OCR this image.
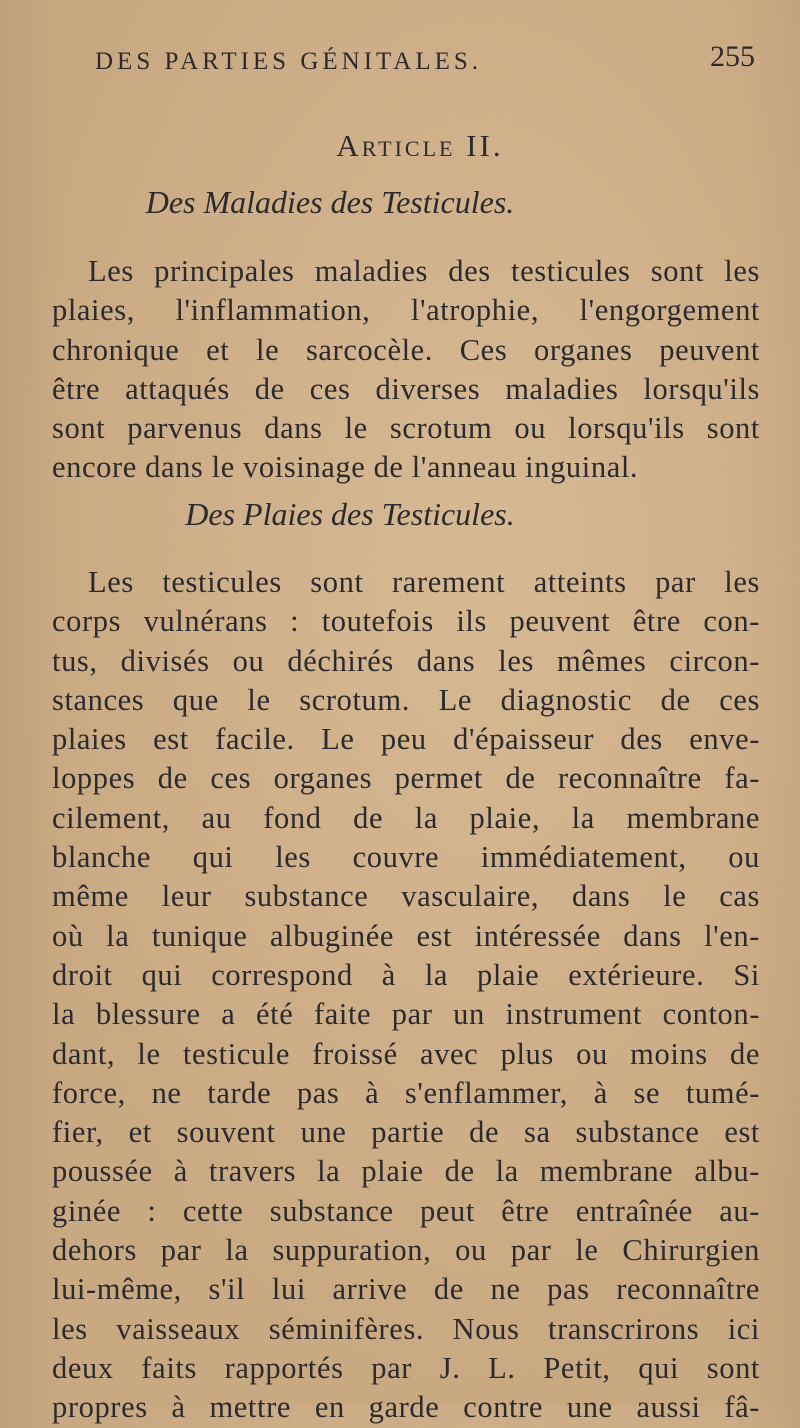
DES PARTIES GÉNITALES.	255
Article II.
Des Maladies des Testicules.
Les principales maladies des testicules sont les
plaies, l'inflammation, l'atrophie, l'engorgement
chronique et le sarcocèle. Ces organes peuvent
être attaqués de ces diverses maladies lorsqu'ils
sont parvenus dans le scrotum ou lorsqu'ils sont
encore dans le voisinage de l'anneau inguinal.
Des Plaies des Testicules.
Les testicules sont rarement atteints par les
corps vulnérans : toutefois ils peuvent être con-
tus, divisés ou déchirés dans les mêmes circon-
stances que le scrotum. Le diagnostic de ces
plaies est facile. Le peu d'épaisseur des enve-
loppes de ces organes permet de reconnaître fa-
cilement, au fond de la plaie, la membrane
blanche qui les couvre immédiatement, ou
même leur substance vasculaire, dans le cas
où la tunique albuginée est intéressée dans l'en-
droit qui correspond à la plaie extérieure. Si
la blessure a été faite par un instrument conton-
dant, le testicule froissé avec plus ou moins de
force, ne tarde pas à s'enflammer, à se tumé-
fier, et souvent une partie de sa substance est
poussée à travers la plaie de la membrane albu-
ginée : cette substance peut être entraînée au-
dehors par la suppuration, ou par le Chirurgien
lui-même, s'il lui arrive de ne pas reconnaître
les vaisseaux séminifères. Nous transcrirons ici
deux faits rapportés par J. L. Petit, qui sont
propres à mettre en garde contre une aussi fâ-
